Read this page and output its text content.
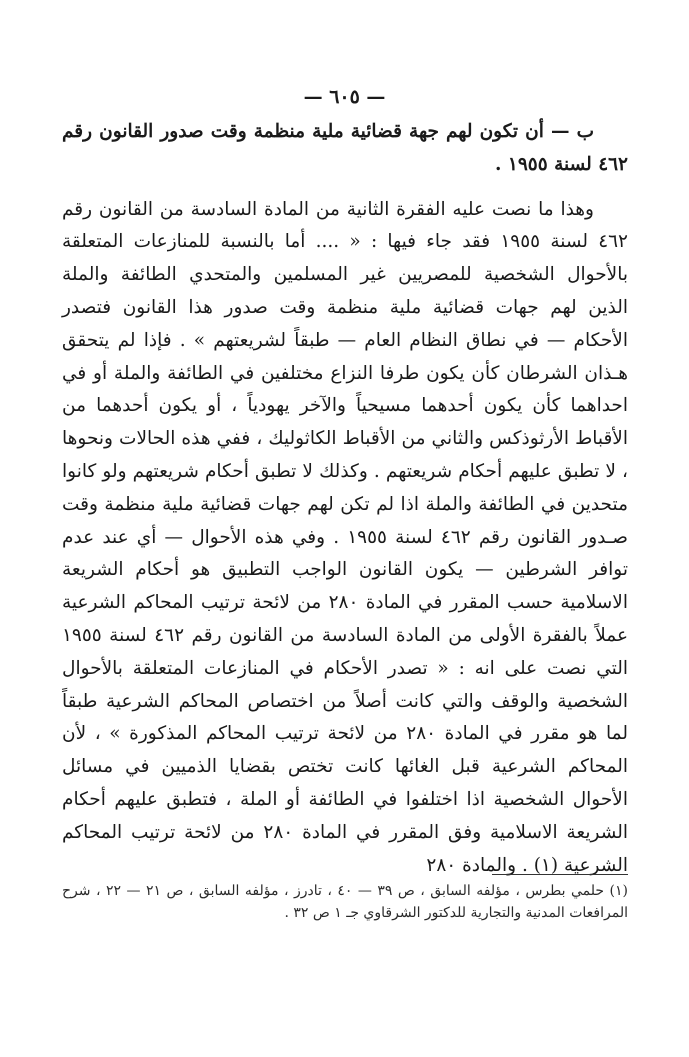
— ٦٠٥ —

ب — أن تكون لهم جهة قضائية ملية منظمة وقت صدور القانون رقم ٤٦٢ لسنة ١٩٥٥ .

وهذا ما نصت عليه الفقرة الثانية من المادة السادسة من القانون رقم ٤٦٢ لسنة ١٩٥٥ فقد جاء فيها : « .... أما بالنسبة للمنازعات المتعلقة بالأحوال الشخصية للمصريين غير المسلمين والمتحدي الطائفة والملة الذين لهم جهات قضائية ملية منظمة وقت صدور هذا القانون فتصدر الأحكام — في نطاق النظام العام — طبقاً لشريعتهم » . فإذا لم يتحقق هـذان الشرطان كأن يكون طرفا النزاع مختلفين في الطائفة والملة أو في احداهما كأن يكون أحدهما مسيحياً والآخر يهودياً ، أو يكون أحدهما من الأقباط الأرثوذكس والثاني من الأقباط الكاثوليك ، ففي هذه الحالات ونحوها ، لا تطبق عليهم أحكام شريعتهم . وكذلك لا تطبق أحكام شريعتهم ولو كانوا متحدين في الطائفة والملة اذا لم تكن لهم جهات قضائية ملية منظمة وقت صـدور القانون رقم ٤٦٢ لسنة ١٩٥٥ . وفي هذه الأحوال — أي عند عدم توافر الشرطين — يكون القانون الواجب التطبيق هو أحكام الشريعة الاسلامية حسب المقرر في المادة ٢٨٠ من لائحة ترتيب المحاكم الشرعية عملاً بالفقرة الأولى من المادة السادسة من القانون رقم ٤٦٢ لسنة ١٩٥٥ التي نصت على انه : « تصدر الأحكام في المنازعات المتعلقة بالأحوال الشخصية والوقف والتي كانت أصلاً من اختصاص المحاكم الشرعية طبقاً لما هو مقرر في المادة ٢٨٠ من لائحة ترتيب المحاكم المذكورة » ، لأن المحاكم الشرعية قبل الغائها كانت تختص بقضايا الذميين في مسائل الأحوال الشخصية اذا اختلفوا في الطائفة أو الملة ، فتطبق عليهم أحكام الشريعة الاسلامية وفق المقرر في المادة ٢٨٠ من لائحة ترتيب المحاكم الشرعية (١) . والمادة ٢٨٠

(١) حلمي بطرس ، مؤلفه السابق ، ص ٣٩ — ٤٠ ، تادرز ، مؤلفه السابق ، ص ٢١ — ٢٢ ، شرح المرافعات المدنية والتجارية للدكتور الشرقاوي جـ ١ ص ٣٢ .
